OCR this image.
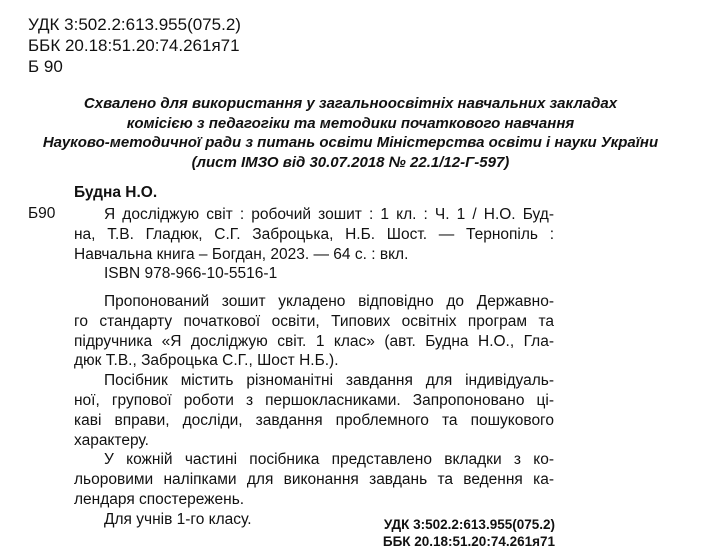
УДК 3:502.2:613.955(075.2)
ББК 20.18:51.20:74.261я71
Б 90
Схвалено для використання у загальноосвітніх навчальних закладах
комісією з педагогіки та методики початкового навчання
Науково-методичної ради з питань освіти Міністерства освіти і науки України
(лист ІМЗО від 30.07.2018 № 22.1/12-Г-597)
Будна Н.О.
Б90	Я досліджую світ : робочий зошит : 1 кл. : Ч. 1 / Н.О. Буд-
на, Т.В. Гладюк, С.Г. Заброцька, Н.Б. Шост. — Тернопіль :
Навчальна книга – Богдан, 2023. — 64 с. : вкл.
ISBN 978-966-10-5516-1
Пропонований зошит укладено відповідно до Державно-
го стандарту початкової освіти, Типових освітніх програм та
підручника «Я досліджую світ. 1 клас» (авт. Будна Н.О., Гла-
дюк Т.В., Заброцька С.Г., Шост Н.Б.).
Посібник містить різноманітні завдання для індивідуаль-
ної, групової роботи з першокласниками. Запропоновано ці-
каві вправи, досліди, завдання проблемного та пошукового
характеру.
У кожній частині посібника представлено вкладки з ко-
льоровими наліпками для виконання завдань та ведення ка-
лендаря спостережень.
Для учнів 1-го класу.	УДК 3:502.2:613.955(075.2)
ББК 20.18:51.20:74.261я71
